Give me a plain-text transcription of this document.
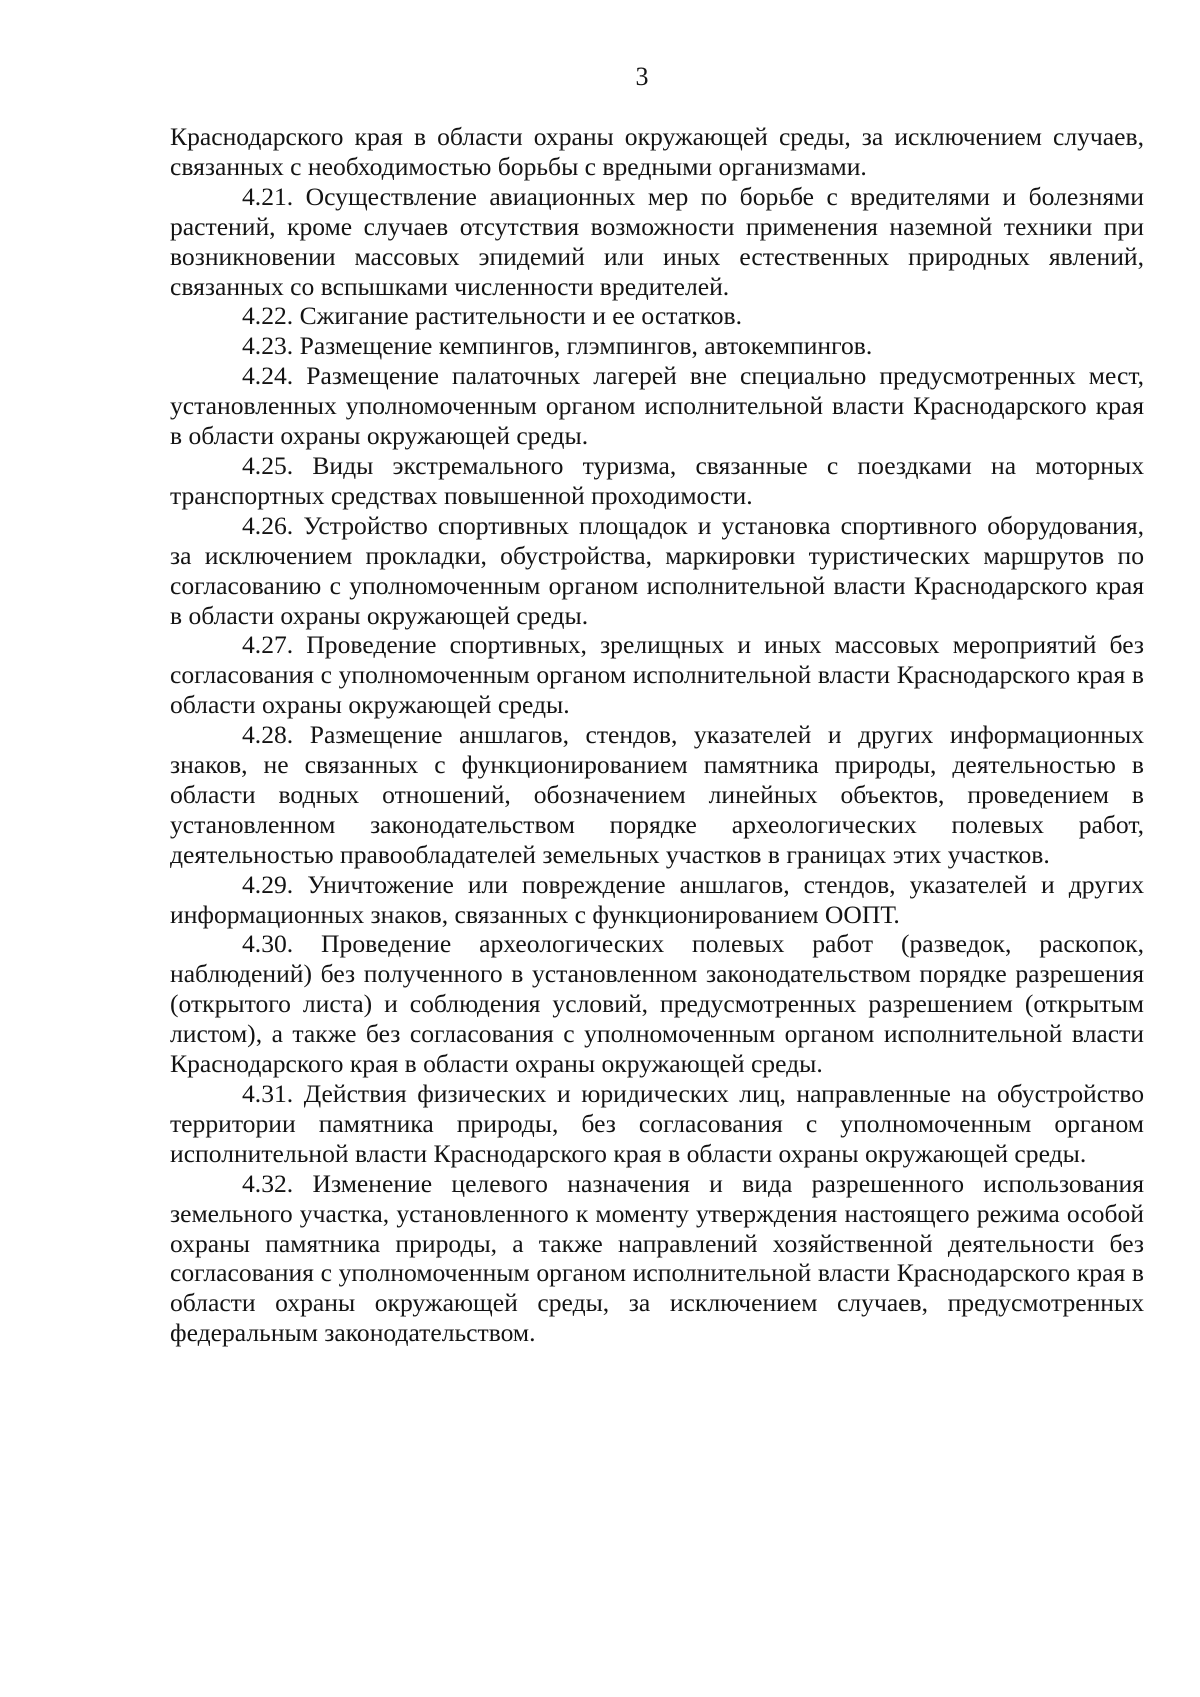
3

Краснодарского края в области охраны окружающей среды, за исключением случаев, связанных с необходимостью борьбы с вредными организмами.

4.21. Осуществление авиационных мер по борьбе с вредителями и болезнями растений, кроме случаев отсутствия возможности применения наземной техники при возникновении массовых эпидемий или иных естественных природных явлений, связанных со вспышками численности вредителей.

4.22. Сжигание растительности и ее остатков.

4.23. Размещение кемпингов, глэмпингов, автокемпингов.

4.24. Размещение палаточных лагерей вне специально предусмотренных мест, установленных уполномоченным органом исполнительной власти Краснодарского края в области охраны окружающей среды.

4.25. Виды экстремального туризма, связанные с поездками на моторных транспортных средствах повышенной проходимости.

4.26. Устройство спортивных площадок и установка спортивного оборудования, за исключением прокладки, обустройства, маркировки туристических маршрутов по согласованию с уполномоченным органом исполнительной власти Краснодарского края в области охраны окружающей среды.

4.27. Проведение спортивных, зрелищных и иных массовых мероприятий без согласования с уполномоченным органом исполнительной власти Краснодарского края в области охраны окружающей среды.

4.28. Размещение аншлагов, стендов, указателей и других информационных знаков, не связанных с функционированием памятника природы, деятельностью в области водных отношений, обозначением линейных объектов, проведением в установленном законодательством порядке археологических полевых работ, деятельностью правообладателей земельных участков в границах этих участков.

4.29. Уничтожение или повреждение аншлагов, стендов, указателей и других информационных знаков, связанных с функционированием ООПТ.

4.30. Проведение археологических полевых работ (разведок, раскопок, наблюдений) без полученного в установленном законодательством порядке разрешения (открытого листа) и соблюдения условий, предусмотренных разрешением (открытым листом), а также без согласования с уполномоченным органом исполнительной власти Краснодарского края в области охраны окружающей среды.

4.31. Действия физических и юридических лиц, направленные на обустройство территории памятника природы, без согласования с уполномоченным органом исполнительной власти Краснодарского края в области охраны окружающей среды.

4.32. Изменение целевого назначения и вида разрешенного использования земельного участка, установленного к моменту утверждения настоящего режима особой охраны памятника природы, а также направлений хозяйственной деятельности без согласования с уполномоченным органом исполнительной власти Краснодарского края в области охраны окружающей среды, за исключением случаев, предусмотренных федеральным законодательством.
